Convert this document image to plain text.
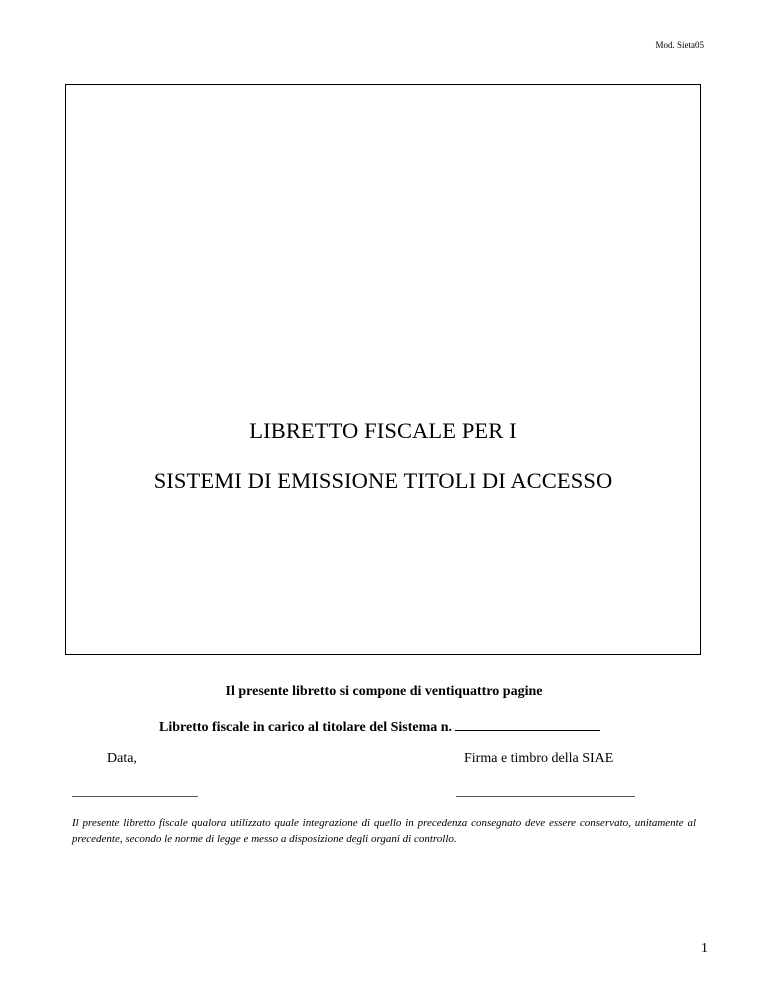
Mod. Sieta05
LIBRETTO FISCALE PER I
SISTEMI DI EMISSIONE TITOLI DI ACCESSO
Il presente libretto si compone di ventiquattro pagine
Libretto fiscale in carico al titolare del Sistema n.
Data,	Firma e timbro della SIAE
Il presente libretto fiscale qualora utilizzato quale integrazione di quello in precedenza consegnato deve essere conservato, unitamente al precedente, secondo le norme di legge e messo a disposizione degli organi di controllo.
1
